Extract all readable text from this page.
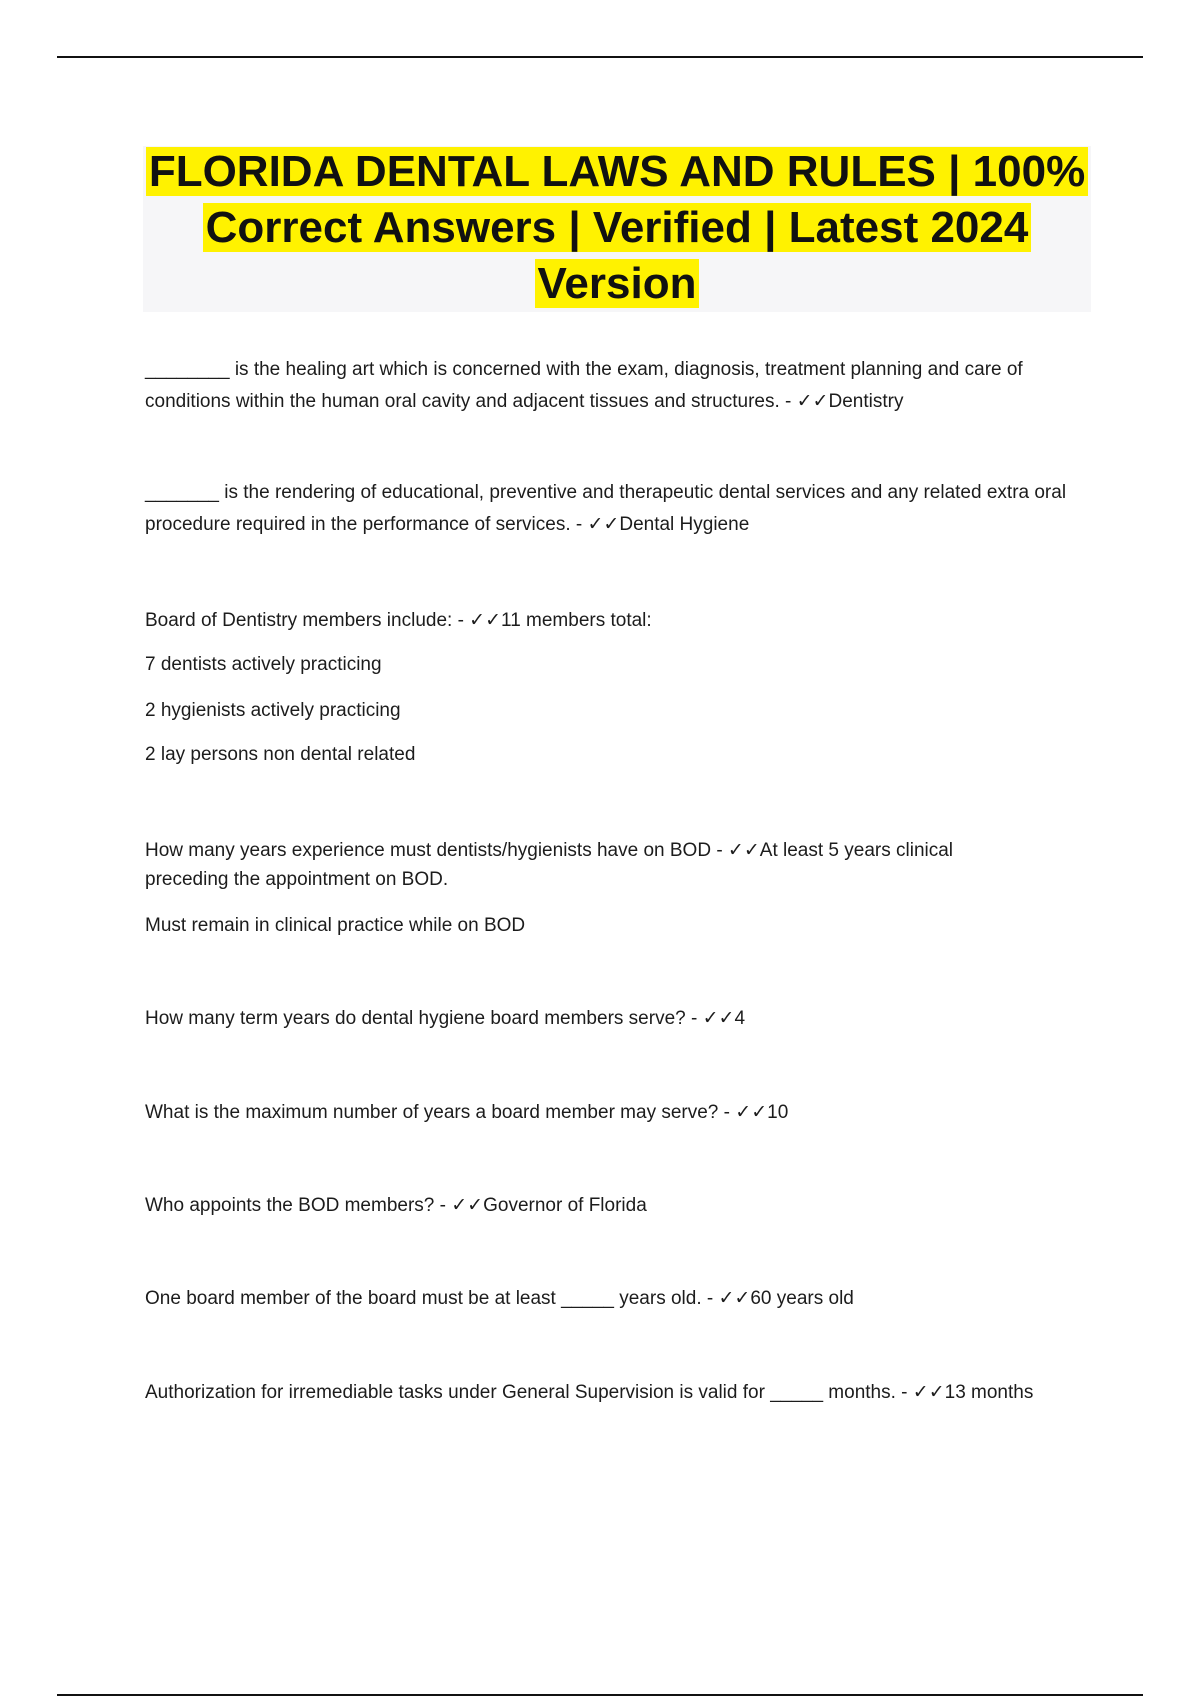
FLORIDA DENTAL LAWS AND RULES | 100% Correct Answers | Verified | Latest 2024 Version

________ is the healing art which is concerned with the exam, diagnosis, treatment planning and care of conditions within the human oral cavity and adjacent tissues and structures. - ✓✓Dentistry

_______ is the rendering of educational, preventive and therapeutic dental services and any related extra oral procedure required in the performance of services. - ✓✓Dental Hygiene

Board of Dentistry members include: - ✓✓11 members total:

7 dentists actively practicing

2 hygienists actively practicing

2 lay persons non dental related

How many years experience must dentists/hygienists have on BOD - ✓✓At least 5 years clinical preceding the appointment on BOD.

Must remain in clinical practice while on BOD

How many term years do dental hygiene board members serve? - ✓✓4

What is the maximum number of years a board member may serve? - ✓✓10

Who appoints the BOD members? - ✓✓Governor of Florida

One board member of the board must be at least _____ years old. - ✓✓60 years old

Authorization for irremediable tasks under General Supervision is valid for _____ months. - ✓✓13 months
